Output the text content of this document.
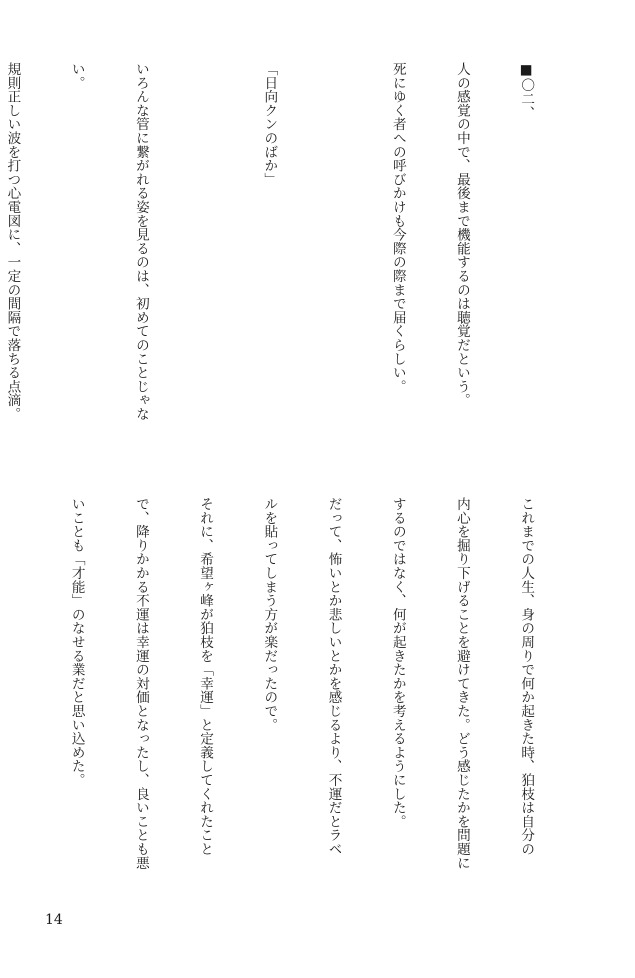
■〇二、

人の感覚の中で、最後まで機能するのは聴覚だという。

死にゆく者への呼びかけも今際の際まで届くらしい。

「日向クンのばか」

いろんな管に繋がれる姿を見るのは、初めてのことじゃな

い。

規則正しい波を打つ心電図に、一定の間隔で落ちる点滴。

これまでの人生、身の周りで何か起きた時、狛枝は自分の

内心を掘り下げることを避けてきた。どう感じたかを問題に

するのではなく、何が起きたかを考えるようにした。

だって、怖いとか悲しいとかを感じるより、不運だとラベ

ルを貼ってしまう方が楽だったので。

それに、希望ヶ峰が狛枝を「幸運」と定義してくれたこと

で、降りかかる不運は幸運の対価となったし、良いことも悪

いことも「才能」のなせる業だと思い込めた。

14
